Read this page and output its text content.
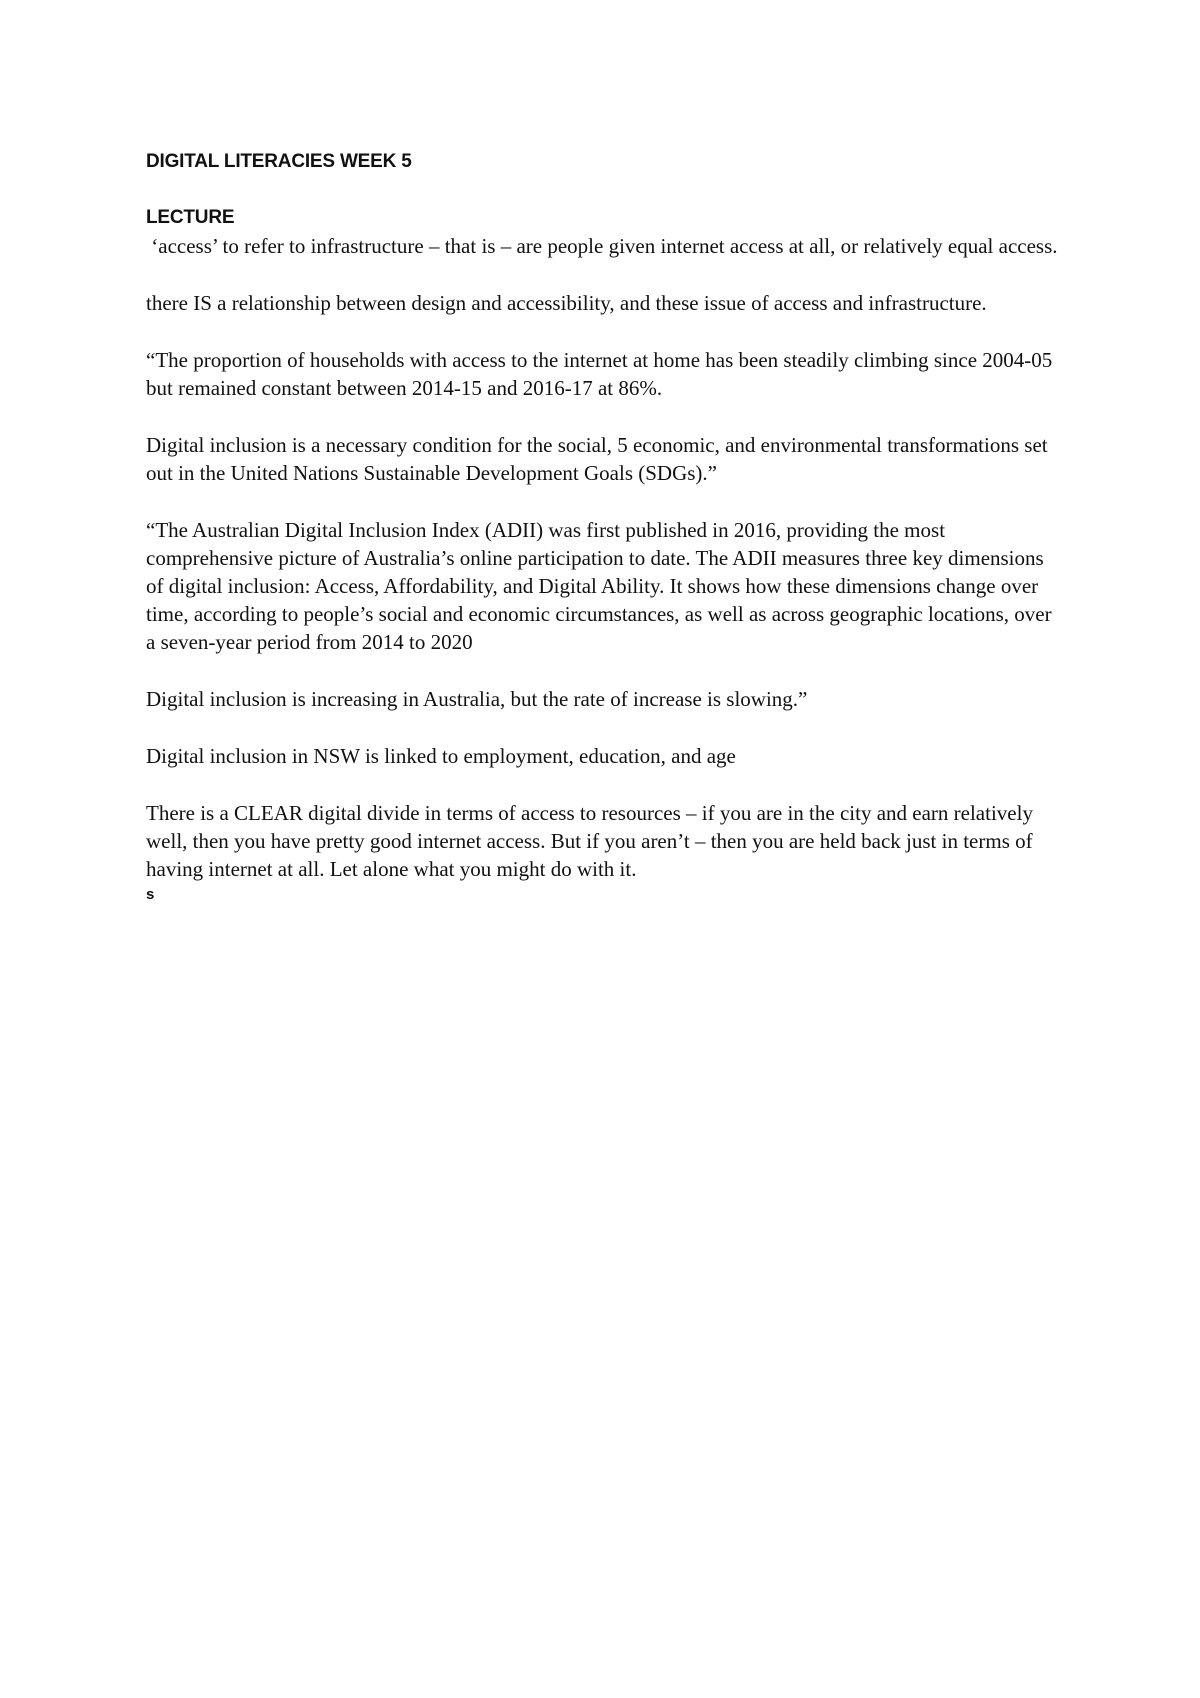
DIGITAL LITERACIES WEEK 5
LECTURE

‘access’ to refer to infrastructure – that is – are people given internet access at all, or relatively equal access.

there IS a relationship between design and accessibility, and these issue of access and infrastructure.

“The proportion of households with access to the internet at home has been steadily climbing since 2004-05 but remained constant between 2014-15 and 2016-17 at 86%.

Digital inclusion is a necessary condition for the social, 5 economic, and environmental transformations set out in the United Nations Sustainable Development Goals (SDGs).”

“The Australian Digital Inclusion Index (ADII) was first published in 2016, providing the most comprehensive picture of Australia’s online participation to date. The ADII measures three key dimensions of digital inclusion: Access, Affordability, and Digital Ability. It shows how these dimensions change over time, according to people’s social and economic circumstances, as well as across geographic locations, over a seven-year period from 2014 to 2020

Digital inclusion is increasing in Australia, but the rate of increase is slowing.”

Digital inclusion in NSW is linked to employment, education, and age

There is a CLEAR digital divide in terms of access to resources – if you are in the city and earn relatively well, then you have pretty good internet access. But if you aren’t – then you are held back just in terms of having internet at all. Let alone what you might do with it.

s
